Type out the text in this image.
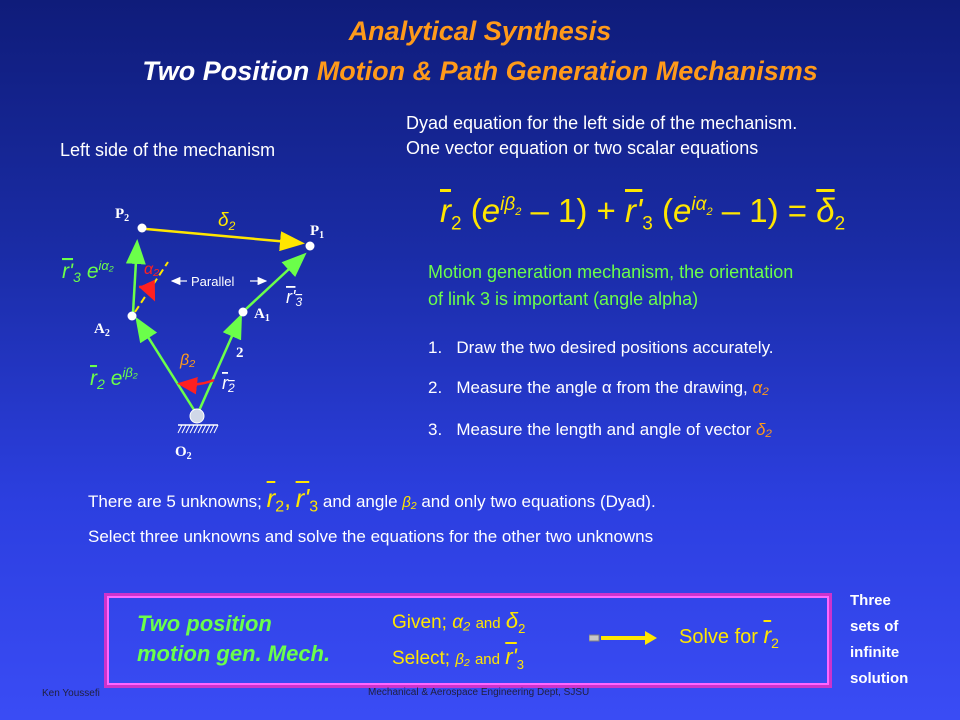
Analytical Synthesis
Two Position Motion & Path Generation Mechanisms
Left side of the mechanism
Dyad equation for the left side of the mechanism.
One vector equation or two scalar equations
$\overline{r}_2$ $(e^{i\beta_2} - 1) + r'_3$ $(e^{i\alpha_2} - 1) = \overline{\delta}_2$
Motion generation mechanism, the orientation
of link 3 is important (angle alpha)
1. Draw the two desired positions accurately.
2. Measure the angle α from the drawing, α₂
3. Measure the length and angle of vector δ₂
$P_2$
$P_1$
$A_2$
$A_1$
$O_2$
2
$\delta_2$
α₂
Parallel
r'3
β₂
r2
r'3 $e^{i\alpha_2}$
r2 $e^{i\beta_2}$
There are 5 unknowns; $\overline{r}_2$, $r'_3$ and angle β₂ and only two equations (Dyad).
Select three unknowns and solve the equations for the other two unknowns
Two position
motion gen. Mech.
Given; α₂ and $\delta_2$
Select; β₂ and $r'_3$
Solve for $\overline{r}_2$
Three
sets of
infinite
solution
Ken Youssefi	Mechanical & Aerospace Engineering Dept, SJSU
